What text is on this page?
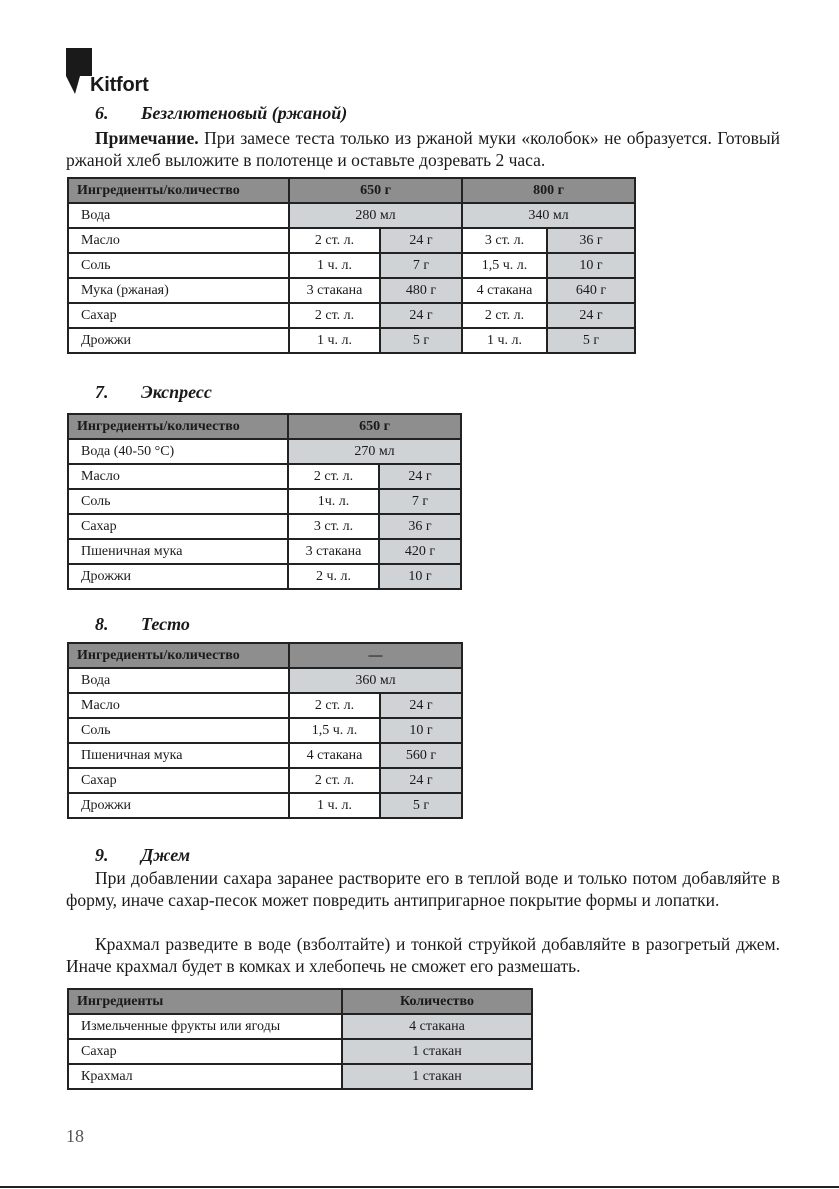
Kitfort
6. Безглютеновый (ржаной)

Примечание. При замесе теста только из ржаной муки «колобок» не образуется. Готовый ржаной хлеб выложите в полотенце и оставьте дозревать 2 часа.

Ингредиенты/количество	650 г		800 г	
Вода	280 мл		340 мл	
Масло	2 ст. л.	24 г	3 ст. л.	36 г
Соль	1 ч. л.	7 г	1,5 ч. л.	10 г
Мука (ржаная)	3 стакана	480 г	4 стакана	640 г
Сахар	2 ст. л.	24 г	2 ст. л.	24 г
Дрожжи	1 ч. л.	5 г	1 ч. л.	5 г
7. Экспресс
Ингредиенты/количество	650 г	
Вода (40-50 °С)	270 мл	
Масло	2 ст. л.	24 г
Соль	1ч. л.	7 г
Сахар	3 ст. л.	36 г
Пшеничная мука	3 стакана	420 г
Дрожжи	2 ч. л.	10 г
8. Тесто
Ингредиенты/количество	—	
Вода	360 мл	
Масло	2 ст. л.	24 г
Соль	1,5 ч. л.	10 г
Пшеничная мука	4 стакана	560 г
Сахар	2 ст. л.	24 г
Дрожжи	1 ч. л.	5 г
9. Джем

При добавлении сахара заранее растворите его в теплой воде и только потом добавляйте в форму, иначе сахар-песок может повредить антипригарное покрытие формы и лопатки.

Крахмал разведите в воде (взболтайте) и тонкой струйкой добавляйте в разогретый джем. Иначе крахмал будет в комках и хлебопечь не сможет его размешать.

Ингредиенты	Количество
Измельченные фрукты или ягоды	4 стакана
Сахар	1 стакан
Крахмал	1 стакан
18
